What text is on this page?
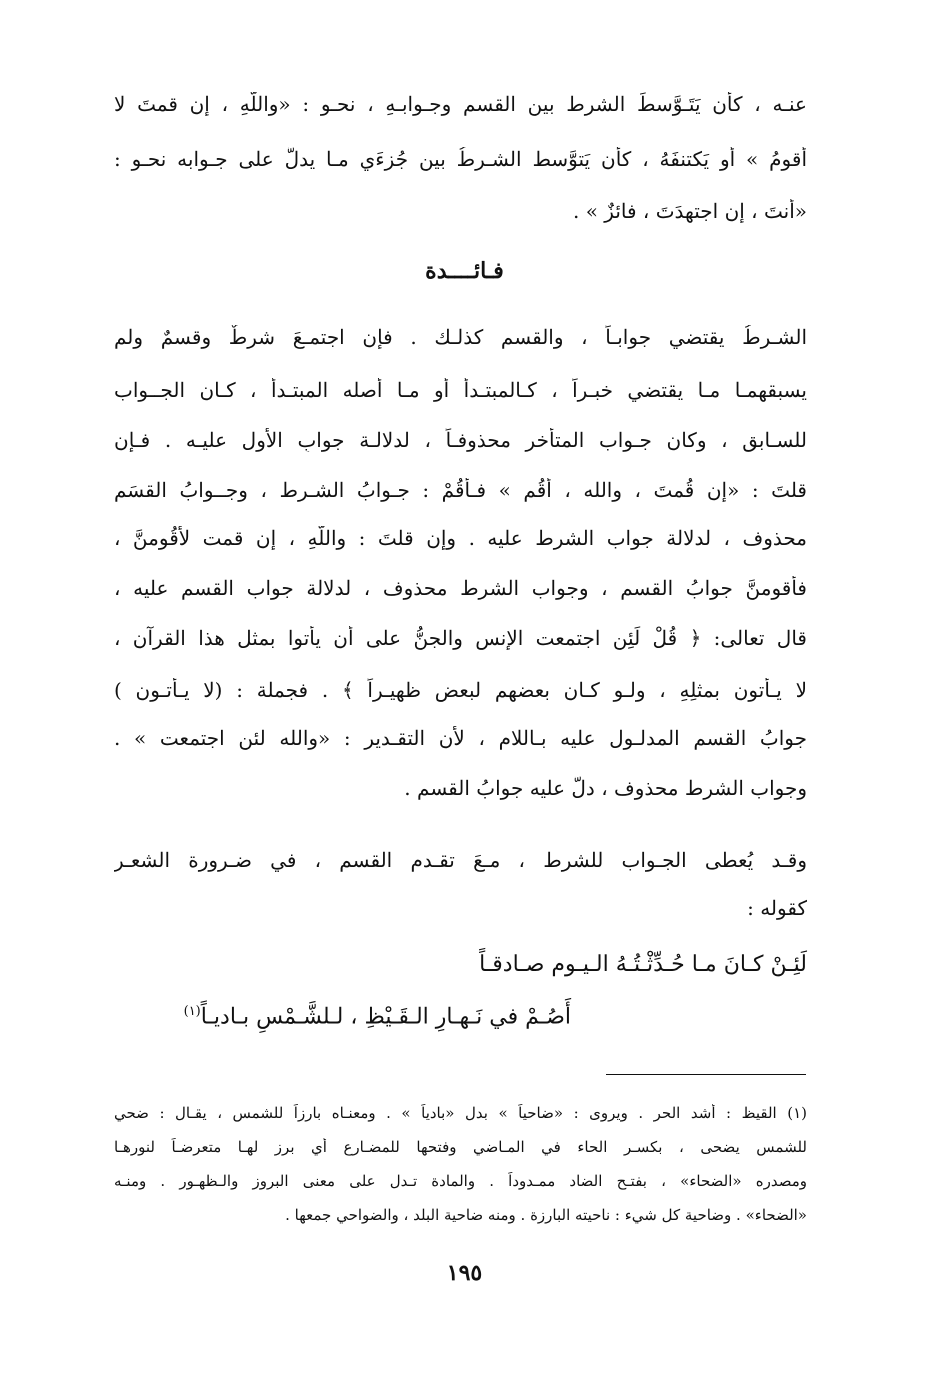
عنـه ، كأن يَتَـوَّسطَ الشرط بين القسم وجـوابـهِ ، نحـو : «واللّهِ ، إن قمتَ لا
أقومُ » أو يَكتنفَهُ ، كأن يَتوَّسط الشـرطُ بين جُزءَيِ مـا يدلُّ على جـوابه نحـو :
«أَنتَ ، إن اجتهدَتَ ، فائزٌ » .
فـائــــدة
الشـرطُ يقتضي جوابـاً ، والقسم كذلـك . فإن اجتمـعَ شرطٌ وقسمٌ ولم
يسبقهمـا مـا يقتضي خبـراً ، كـالمبتـدأ أو مـا أصله المبتـدأ ، كـان الجــواب
للسـابق ، وكان جـواب المتأخر محذوفـاً ، لدلالـة جوابِ الأول عليـه . فـإن
قلتَ : «إن قُمتَ ، والله ، أقُم » فـأقُمْ : جـوابُ الشـرط ، وجــوابُ القسَم
محذوف ، لدلالة جواب الشرط عليه . وإن قلتَ : واللّهِ ، إن قمت لأَقُومنَّ ،
فأقومنَّ جوابُ القسم ، وجواب الشرط محذوف ، لدلالة جواب القسم عليه ،
قال تعالى: ﴿ قُلْ لَئِنِ اجتمعت الإنس والجنُّ على أن يأتوا بمثلِ هذا القرآن ،
لا يـأتون بمثلِهِ ، ولـو كـان بعضهم لبعض ظهيـراً ﴾ . فجملة : (لا يـأتـون )
جوابُ القسمِ المدلـولِ عليه بـاللام ، لأن التقـدير : «والله لئن اجتمعت » .
وجواب الشرط محذوف ، دلَّ عليه جوابُ القسم .
وقـد يُعطى الجـواب للشرط ، مـعَ تقـدمِ القسم ، في ضـرورة الشعـر
كقوله :
لَئِـنْ كـانَ مـا حُـدِّثْـتُـهُ الـيـوم صـادقـاً
أَصُـمْ في نَـهـارِ الـقَـيْظِ ، لـلشَّـمْسِ بـاديـاً$^{(١)}$
(١) القيظ : أشد الحر . ويروى : «ضاحياً » بدل «بادياً » . ومعنـاه بارزاً للشمس ، يقـال : ضحي
للشمس يضحى ، بكسـر الحاء في المـاضي وفتحها للمضـارع أي برز لهـا متعرضـاً لنورهـا
ومصدره «الضحاء» ، بفتـح الضاد ممـدوداً . والمادة تـدل على معنى البروز والـظهـور . ومنـه
«الضحاء» . وضاحية كل شيء : ناحيته البارزة . ومنه ضاحية البلد ، والضواحي جمعها .
١٩٥
